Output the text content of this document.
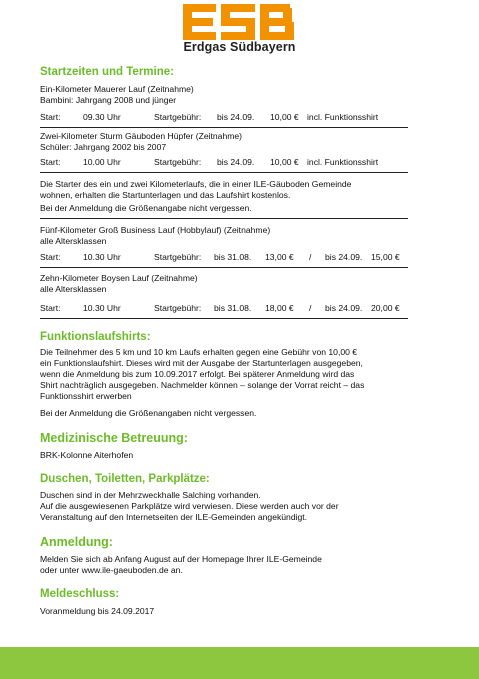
Erdgas Südbayern
Startzeiten und Termine:
Ein-Kilometer Mauerer Lauf (Zeitnahme)
Bambini: Jahrgang 2008 und jünger
Start:	09.30 Uhr	Startgebühr: bis 24.09. 10,00 € incl. Funktionsshirt
Zwei-Kilometer Sturm Gäuboden Hüpfer (Zeitnahme)
Schüler: Jahrgang 2002 bis 2007
Start:	10.00 Uhr	Startgebühr: bis 24.09. 10,00 € incl. Funktionsshirt
Die Starter des ein und zwei Kilometerlaufs, die in einer ILE-Gäuboden Gemeinde
wohnen, erhalten die Startunterlagen und das Laufshirt kostenlos.
Bei der Anmeldung die Größenangabe nicht vergessen.
Fünf-Kilometer Groß Business Lauf (Hobbylauf) (Zeitnahme)
alle Altersklassen
Start:	10.30 Uhr	Startgebühr: bis 31.08. 13,00 € / bis 24.09. 15,00 €
Zehn-Kilometer Boysen Lauf (Zeitnahme)
alle Altersklassen
Start:	10.30 Uhr	Startgebühr: bis 31.08. 18,00 € / bis 24.09. 20,00 €
Funktionslaufshirts:
Die Teilnehmer des 5 km und 10 km Laufs erhalten gegen eine Gebühr von 10,00 €
ein Funktionslaufshirt. Dieses wird mit der Ausgabe der Startunterlagen ausgegeben,
wenn die Anmeldung bis zum 10.09.2017 erfolgt. Bei späterer Anmeldung wird das
Shirt nachträglich ausgegeben. Nachmelder können – solange der Vorrat reicht – das
Funktionsshirt erwerben
Bei der Anmeldung die Größenangaben nicht vergessen.
Medizinische Betreuung:
BRK-Kolonne Aiterhofen
Duschen, Toiletten, Parkplätze:
Duschen sind in der Mehrzweckhalle Salching vorhanden.
Auf die ausgewiesenen Parkplätze wird verwiesen. Diese werden auch vor der
Veranstaltung auf den Internetseiten der ILE-Gemeinden angekündigt.
Anmeldung:
Melden Sie sich ab Anfang August auf der Homepage Ihrer ILE-Gemeinde
oder unter www.ile-gaeuboden.de an.
Meldeschluss:
Voranmeldung bis 24.09.2017
